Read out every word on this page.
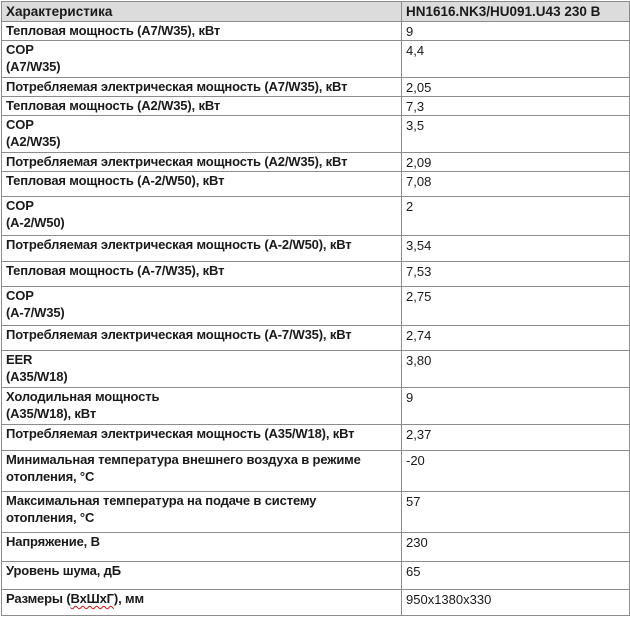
Характеристика	HN1616.NK3/HU091.U43 230 В
Тепловая мощность (А7/W35), кВт	9

COP
(A7/W35)	4,4
Потребляемая электрическая мощность (А7/W35), кВт	2,05
Тепловая мощность (А2/W35), кВт	7,3

COP
(A2/W35)	3,5
Потребляемая электрическая мощность (А2/W35), кВт	2,09
Тепловая мощность (А-2/W50), кВт	7,08

COP
(A-2/W50)	2
Потребляемая электрическая мощность (А-2/W50), кВт	3,54
Тепловая мощность (А-7/W35), кВт	7,53

COP
(A-7/W35)	2,75
Потребляемая электрическая мощность (А-7/W35), кВт	2,74

EER
(A35/W18)	3,80

Холодильная мощность
(A35/W18), кВт	9
Потребляемая электрическая мощность (А35/W18), кВт	2,37

Минимальная температура внешнего воздуха в режиме
отопления, °С	-20

Максимальная температура на подаче в систему
отопления, °С	57
Напряжение, В	230
Уровень шума, дБ	65
Размеры (ВхШхГ), мм	950х1380х330
